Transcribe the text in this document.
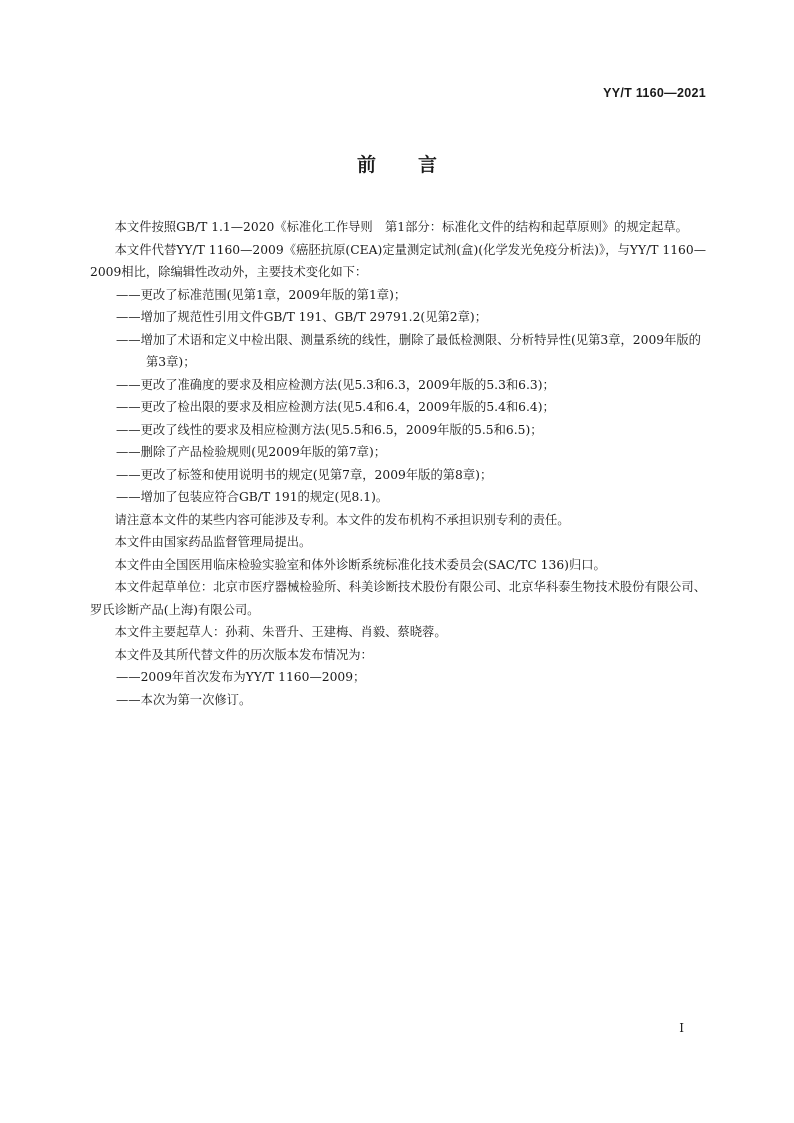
YY/T 1160—2021
前言

本文件按照GB/T 1.1—2020《标准化工作导则　第1部分：标准化文件的结构和起草原则》的规定起草。

本文件代替YY/T 1160—2009《癌胚抗原(CEA)定量测定试剂(盒)(化学发光免疫分析法)》，与YY/T 1160—2009相比，除编辑性改动外，主要技术变化如下：

——更改了标准范围(见第1章，2009年版的第1章)；

——增加了规范性引用文件GB/T 191、GB/T 29791.2(见第2章)；

——增加了术语和定义中检出限、测量系统的线性，删除了最低检测限、分析特异性(见第3章，2009年版的第3章)；

——更改了准确度的要求及相应检测方法(见5.3和6.3，2009年版的5.3和6.3)；

——更改了检出限的要求及相应检测方法(见5.4和6.4，2009年版的5.4和6.4)；

——更改了线性的要求及相应检测方法(见5.5和6.5，2009年版的5.5和6.5)；

——删除了产品检验规则(见2009年版的第7章)；

——更改了标签和使用说明书的规定(见第7章，2009年版的第8章)；

——增加了包装应符合GB/T 191的规定(见8.1)。

请注意本文件的某些内容可能涉及专利。本文件的发布机构不承担识别专利的责任。

本文件由国家药品监督管理局提出。

本文件由全国医用临床检验实验室和体外诊断系统标准化技术委员会(SAC/TC 136)归口。

本文件起草单位：北京市医疗器械检验所、科美诊断技术股份有限公司、北京华科泰生物技术股份有限公司、罗氏诊断产品(上海)有限公司。

本文件主要起草人：孙莉、朱晋升、王建梅、肖毅、蔡晓蓉。

本文件及其所代替文件的历次版本发布情况为：

——2009年首次发布为YY/T 1160—2009；

——本次为第一次修订。

I
